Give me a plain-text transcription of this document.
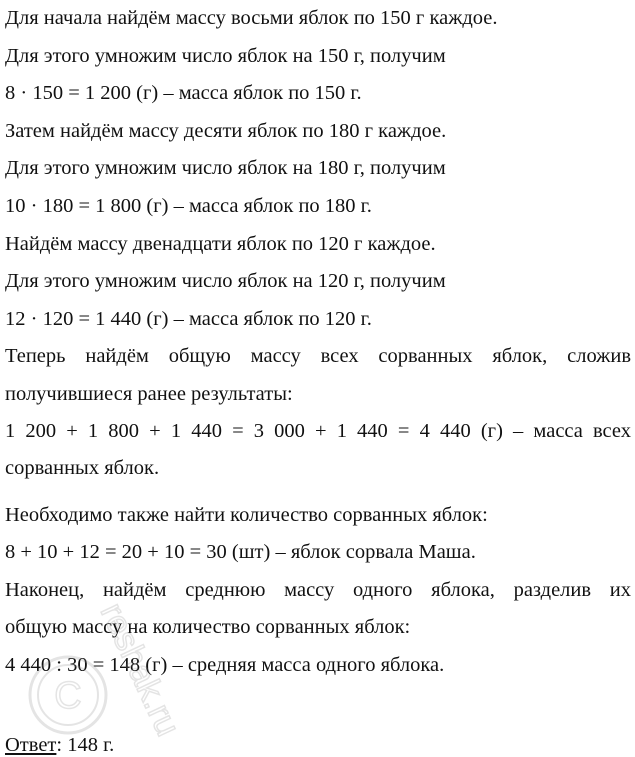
Для начала найдём массу восьми яблок по 150 г каждое.
Для этого умножим число яблок на 150 г, получим
8 · 150 = 1 200 (г) – масса яблок по 150 г.
Затем найдём массу десяти яблок по 180 г каждое.
Для этого умножим число яблок на 180 г, получим
10 · 180 = 1 800 (г) – масса яблок по 180 г.
Найдём массу двенадцати яблок по 120 г каждое.
Для этого умножим число яблок на 120 г, получим
12 · 120 = 1 440 (г) – масса яблок по 120 г.
Теперь найдём общую массу всех сорванных яблок, сложив
получившиеся ранее результаты:
1 200 + 1 800 + 1 440 = 3 000 + 1 440 = 4 440 (г) – масса всех
сорванных яблок.
Необходимо также найти количество сорванных яблок:
8 + 10 + 12 = 20 + 10 = 30 (шт) – яблок сорвала Маша.
Наконец, найдём среднюю массу одного яблока, разделив их
общую массу на количество сорванных яблок:
4 440 : 30 = 148 (г) – средняя масса одного яблока.
Ответ: 148 г.
C reshak.ru
